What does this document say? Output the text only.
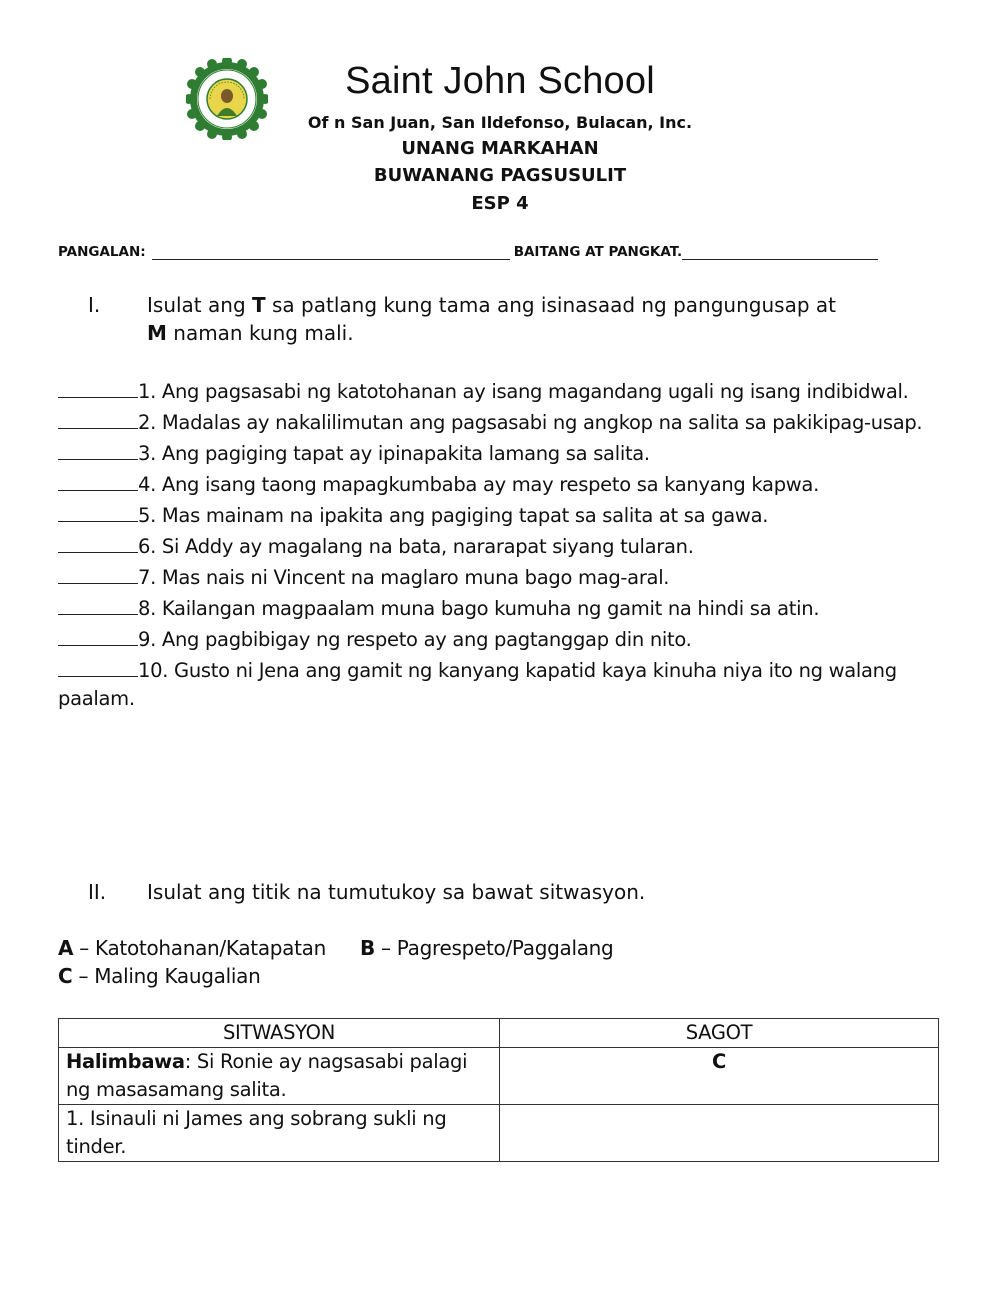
Saint John School
Of n San Juan, San Ildefonso, Bulacan, Inc.
UNANG MARKAHAN
BUWANANG PAGSUSULIT
ESP 4
PANGALAN:	BAITANG AT PANGKAT.
I. Isulat ang T sa patlang kung tama ang isinasaad ng pangungusap at
M naman kung mali.
1. Ang pagsasabi ng katotohanan ay isang magandang ugali ng isang indibidwal.
2. Madalas ay nakalilimutan ang pagsasabi ng angkop na salita sa pakikipag-usap.
3. Ang pagiging tapat ay ipinapakita lamang sa salita.
4. Ang isang taong mapagkumbaba ay may respeto sa kanyang kapwa.
5. Mas mainam na ipakita ang pagiging tapat sa salita at sa gawa.
6. Si Addy ay magalang na bata, nararapat siyang tularan.
7. Mas nais ni Vincent na maglaro muna bago mag-aral.
8. Kailangan magpaalam muna bago kumuha ng gamit na hindi sa atin.
9. Ang pagbibigay ng respeto ay ang pagtanggap din nito.
10. Gusto ni Jena ang gamit ng kanyang kapatid kaya kinuha niya ito ng walang paalam.
II. Isulat ang titik na tumutukoy sa bawat sitwasyon.
A – Katotohanan/Katapatan B – Pagrespeto/Paggalang
C – Maling Kaugalian
SITWASYON	SAGOT
Halimbawa: Si Ronie ay nagsasabi palagi ng masasamang salita.	C
1. Isinauli ni James ang sobrang sukli ng tinder.	
